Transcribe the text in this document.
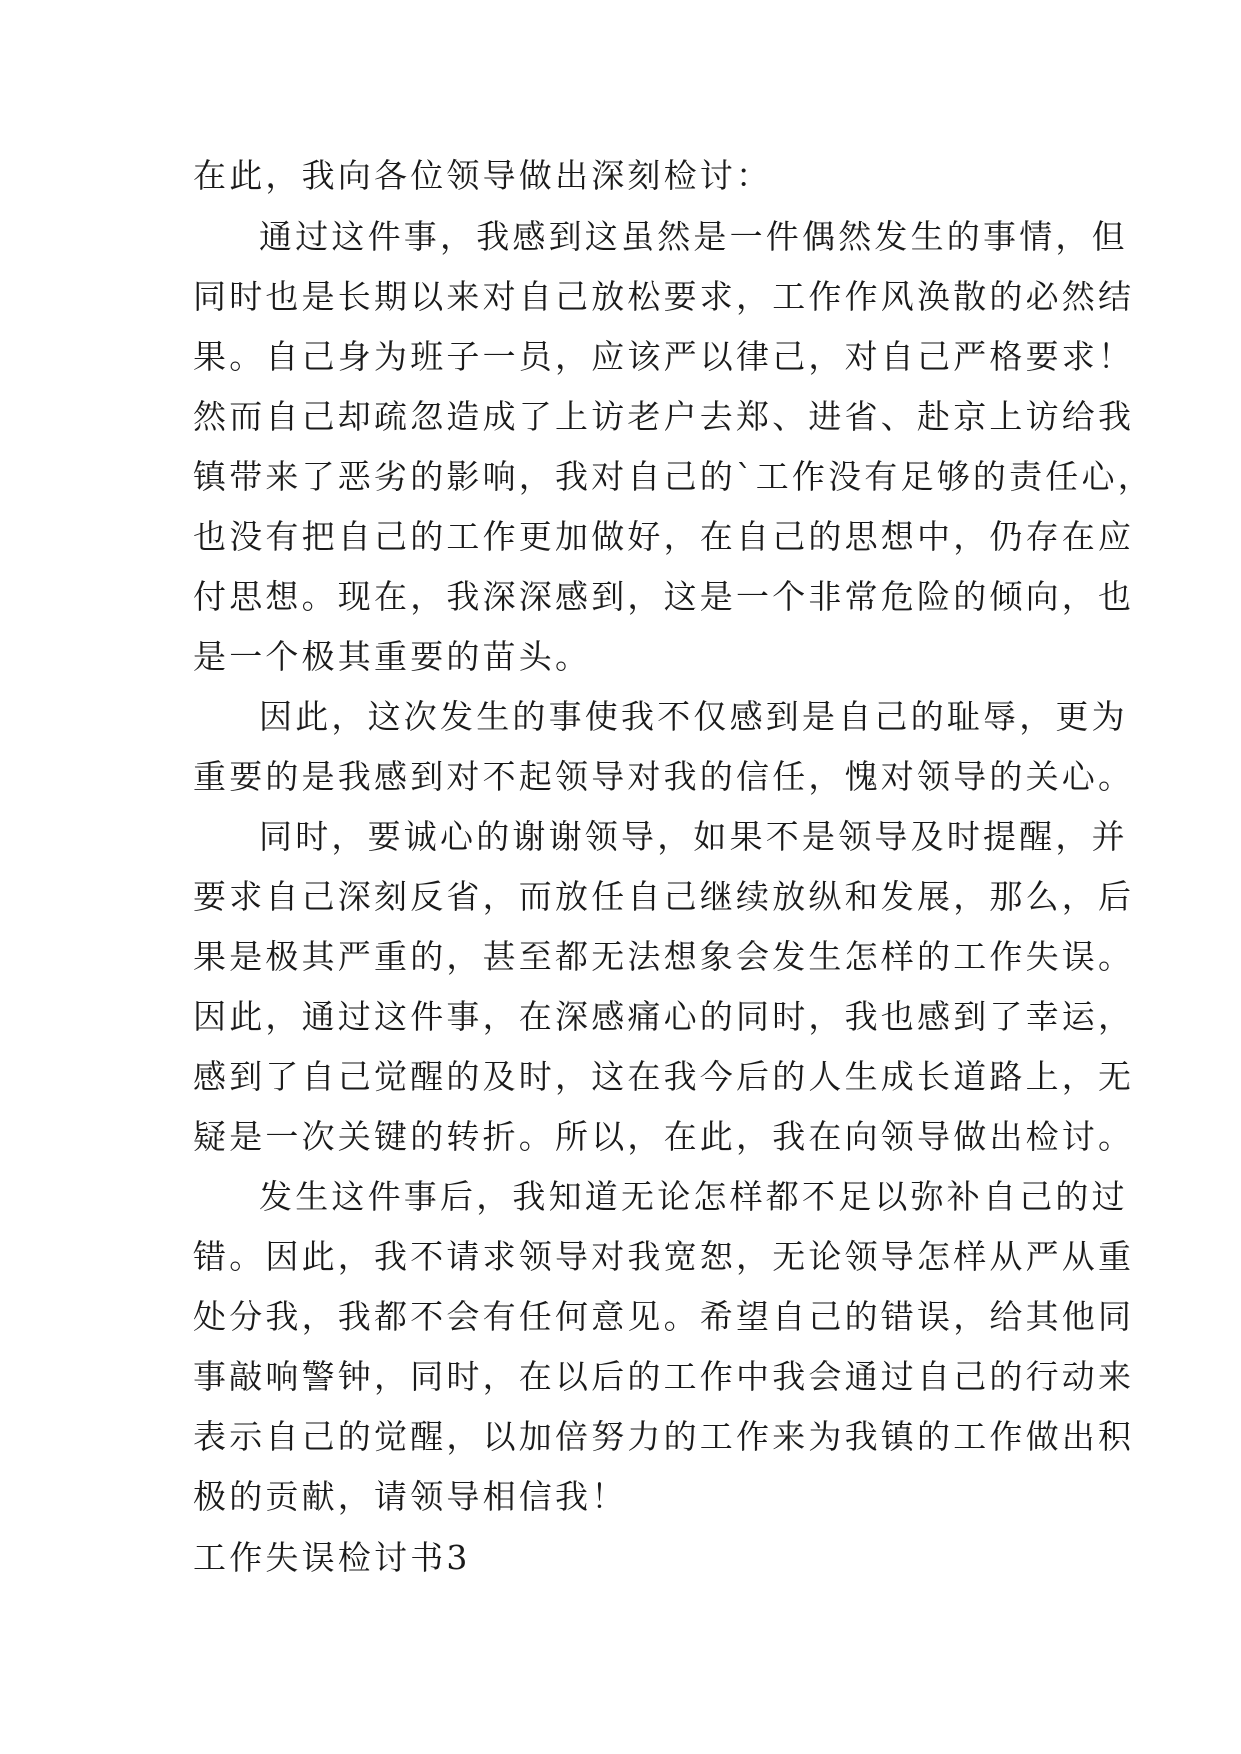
在此，我向各位领导做出深刻检讨：

通过这件事，我感到这虽然是一件偶然发生的事情，但

同时也是长期以来对自己放松要求，工作作风涣散的必然结

果。自己身为班子一员，应该严以律己，对自己严格要求！

然而自己却疏忽造成了上访老户去郑、进省、赴京上访给我

镇带来了恶劣的影响，我对自己的`工作没有足够的责任心，

也没有把自己的工作更加做好，在自己的思想中，仍存在应

付思想。现在，我深深感到，这是一个非常危险的倾向，也

是一个极其重要的苗头。

因此，这次发生的事使我不仅感到是自己的耻辱，更为

重要的是我感到对不起领导对我的信任，愧对领导的关心。

同时，要诚心的谢谢领导，如果不是领导及时提醒，并

要求自己深刻反省，而放任自己继续放纵和发展，那么，后

果是极其严重的，甚至都无法想象会发生怎样的工作失误。

因此，通过这件事，在深感痛心的同时，我也感到了幸运，

感到了自己觉醒的及时，这在我今后的人生成长道路上，无

疑是一次关键的转折。所以，在此，我在向领导做出检讨。

发生这件事后，我知道无论怎样都不足以弥补自己的过

错。因此，我不请求领导对我宽恕，无论领导怎样从严从重

处分我，我都不会有任何意见。希望自己的错误，给其他同

事敲响警钟，同时，在以后的工作中我会通过自己的行动来

表示自己的觉醒，以加倍努力的工作来为我镇的工作做出积

极的贡献，请领导相信我！

工作失误检讨书3
